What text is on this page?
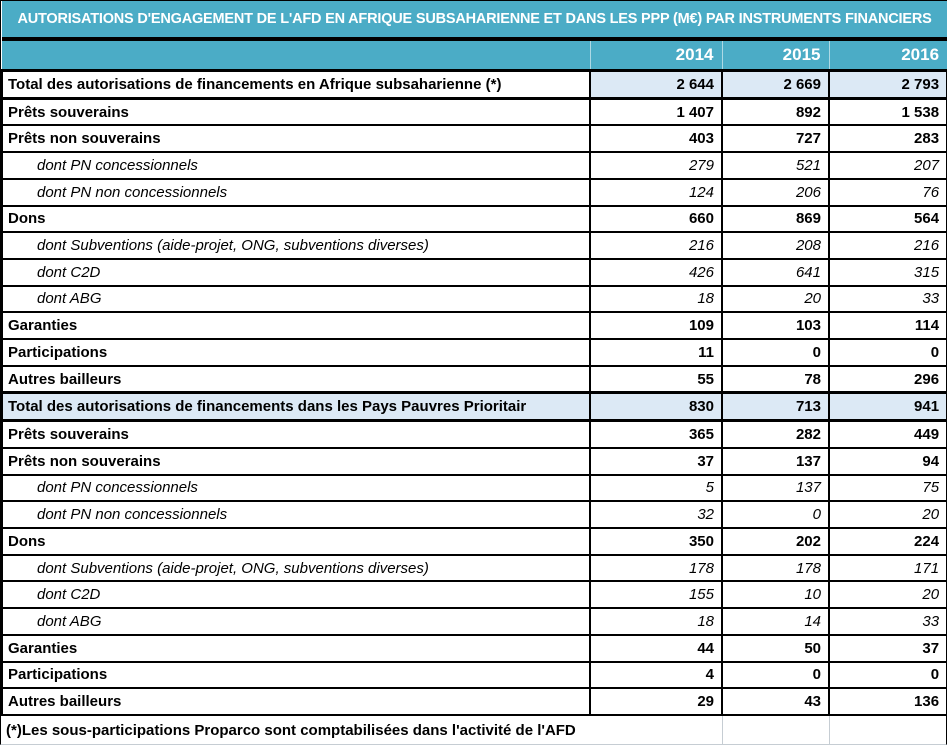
AUTORISATIONS D'ENGAGEMENT DE L'AFD EN AFRIQUE SUBSAHARIENNE ET DANS LES PPP (M€) PAR INSTRUMENTS FINANCIERS			
	2014	2015	2016
Total des autorisations de financements en Afrique subsaharienne (*)	2 644	2 669	2 793
Prêts souverains	1 407	892	1 538
Prêts non souverains	403	727	283
dont PN concessionnels	279	521	207
dont PN non concessionnels	124	206	76
Dons	660	869	564
dont Subventions (aide-projet, ONG, subventions diverses)	216	208	216
dont C2D	426	641	315
dont ABG	18	20	33
Garanties	109	103	114
Participations	11	0	0
Autres bailleurs	55	78	296
Total des autorisations de financements dans les Pays Pauvres Prioritair	830	713	941
Prêts souverains	365	282	449
Prêts non souverains	37	137	94
dont PN concessionnels	5	137	75
dont PN non concessionnels	32	0	20
Dons	350	202	224
dont Subventions (aide-projet, ONG, subventions diverses)	178	178	171
dont C2D	155	10	20
dont ABG	18	14	33
Garanties	44	50	37
Participations	4	0	0
Autres bailleurs	29	43	136
(*)Les sous-participations Proparco sont comptabilisées dans l'activité de l'AFD			
